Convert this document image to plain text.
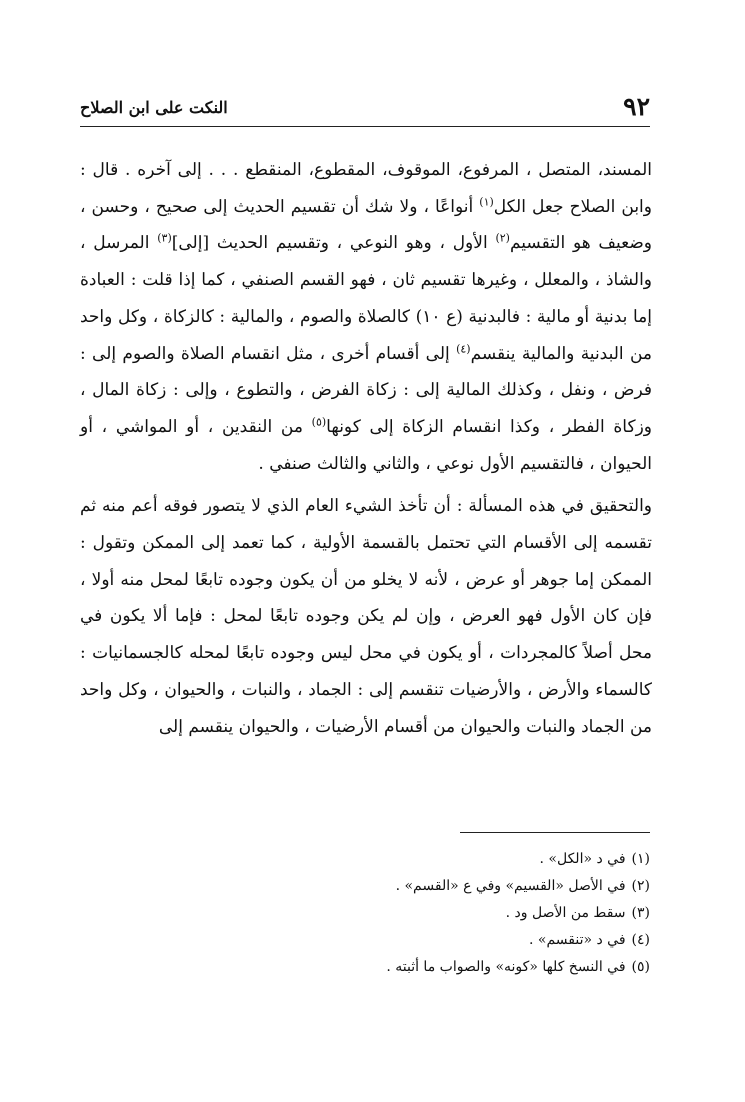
٩٢
النكت على ابن الصلاح

المسند، المتصل ، المرفوع، الموقوف، المقطوع، المنقطع . . . إلى آخره . قال : وابن الصلاح جعل الكل$^{(١)}$ أنواعًا ، ولا شك أن تقسيم الحديث إلى صحيح ، وحسن ، وضعيف هو التقسيم$^{(٢)}$ الأول ، وهو النوعي ، وتقسيم الحديث [إلى]$^{(٣)}$ المرسل ، والشاذ ، والمعلل ، وغيرها تقسيم ثان ، فهو القسم الصنفي ، كما إذا قلت : العبادة إما بدنية أو مالية : فالبدنية (ع ١٠) كالصلاة والصوم ، والمالية : كالزكاة ، وكل واحد من البدنية والمالية ينقسم$^{(٤)}$ إلى أقسام أخرى ، مثل انقسام الصلاة والصوم إلى : فرض ، ونفل ، وكذلك المالية إلى : زكاة الفرض ، والتطوع ، وإلى : زكاة المال ، وزكاة الفطر ، وكذا انقسام الزكاة إلى كونها$^{(٥)}$ من النقدين ، أو المواشي ، أو الحيوان ، فالتقسيم الأول نوعي ، والثاني والثالث صنفي .

والتحقيق في هذه المسألة : أن تأخذ الشيء العام الذي لا يتصور فوقه أعم منه ثم تقسمه إلى الأقسام التي تحتمل بالقسمة الأولية ، كما تعمد إلى الممكن وتقول : الممكن إما جوهر أو عرض ، لأنه لا يخلو من أن يكون وجوده تابعًا لمحل منه أولا ، فإن كان الأول فهو العرض ، وإن لم يكن وجوده تابعًا لمحل : فإما ألا يكون في محل أصلاً كالمجردات ، أو يكون في محل ليس وجوده تابعًا لمحله كالجسمانيات : كالسماء والأرض ، والأرضيات تنقسم إلى : الجماد ، والنبات ، والحيوان ، وكل واحد من الجماد والنبات والحيوان من أقسام الأرضيات ، والحيوان ينقسم إلى

(١)في د «الكل» .
(٢)في الأصل «القسيم» وفي ع «القسم» .
(٣)سقط من الأصل ود .
(٤)في د «تنقسم» .
(٥)في النسخ كلها «كونه» والصواب ما أثبته .
